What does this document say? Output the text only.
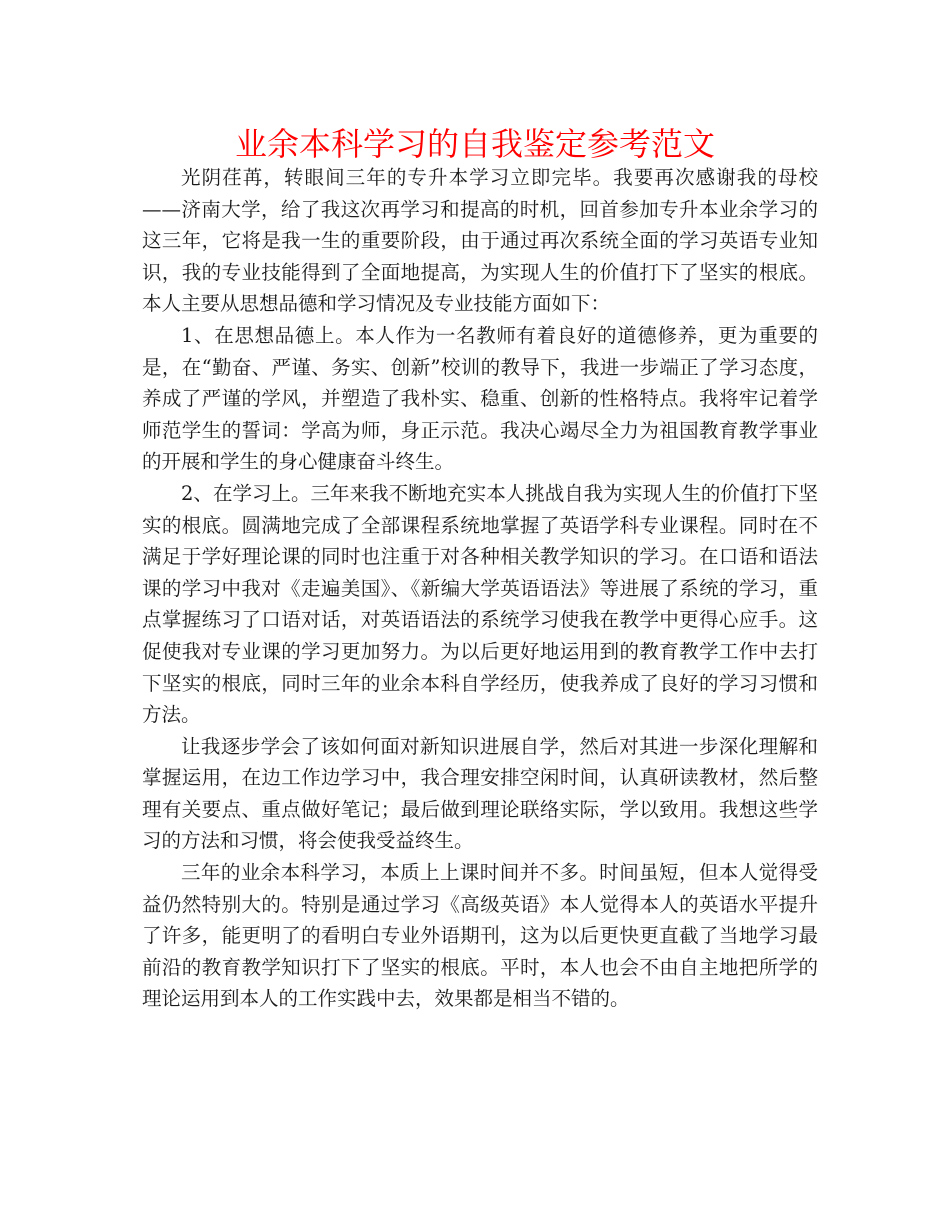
业余本科学习的自我鉴定参考范文

光阴荏苒，转眼间三年的专升本学习立即完毕。我要再次感谢我的母校——济南大学，给了我这次再学习和提高的时机，回首参加专升本业余学习的这三年，它将是我一生的重要阶段，由于通过再次系统全面的学习英语专业知识，我的专业技能得到了全面地提高，为实现人生的价值打下了坚实的根底。本人主要从思想品德和学习情况及专业技能方面如下：

1、在思想品德上。本人作为一名教师有着良好的道德修养，更为重要的是，在“勤奋、严谨、务实、创新”校训的教导下，我进一步端正了学习态度，养成了严谨的学风，并塑造了我朴实、稳重、创新的性格特点。我将牢记着学师范学生的誓词：学高为师，身正示范。我决心竭尽全力为祖国教育教学事业的开展和学生的身心健康奋斗终生。

2、在学习上。三年来我不断地充实本人挑战自我为实现人生的价值打下坚实的根底。圆满地完成了全部课程系统地掌握了英语学科专业课程。同时在不满足于学好理论课的同时也注重于对各种相关教学知识的学习。在口语和语法课的学习中我对《走遍美国》、《新编大学英语语法》等进展了系统的学习，重点掌握练习了口语对话，对英语语法的系统学习使我在教学中更得心应手。这促使我对专业课的学习更加努力。为以后更好地运用到的教育教学工作中去打下坚实的根底，同时三年的业余本科自学经历，使我养成了良好的学习习惯和方法。

让我逐步学会了该如何面对新知识进展自学，然后对其进一步深化理解和掌握运用，在边工作边学习中，我合理安排空闲时间，认真研读教材，然后整理有关要点、重点做好笔记；最后做到理论联络实际，学以致用。我想这些学习的方法和习惯，将会使我受益终生。

三年的业余本科学习，本质上上课时间并不多。时间虽短，但本人觉得受益仍然特别大的。特别是通过学习《高级英语》本人觉得本人的英语水平提升了许多，能更明了的看明白专业外语期刊，这为以后更快更直截了当地学习最前沿的教育教学知识打下了坚实的根底。平时，本人也会不由自主地把所学的理论运用到本人的工作实践中去，效果都是相当不错的。
